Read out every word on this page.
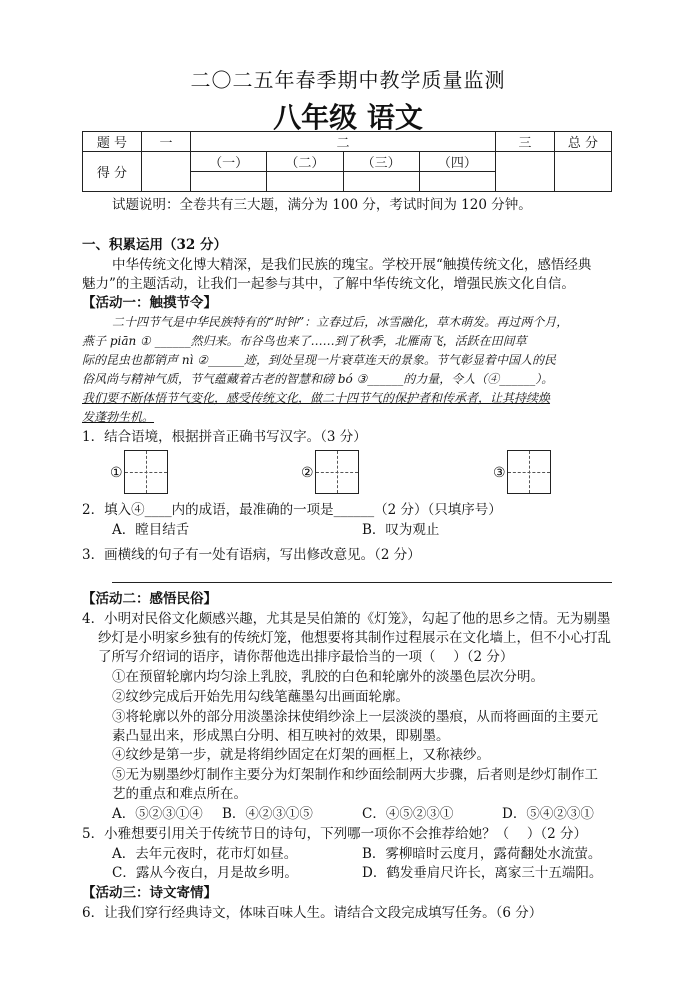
二〇二五年春季期中教学质量监测
八年级 语文
题 号	一	二				三	总 分
得 分		（一）	（二）	（三）	（四）		

试题说明：全卷共有三大题，满分为 100 分，考试时间为 120 分钟。
一、积累运用（32 分）
中华传统文化博大精深，是我们民族的瑰宝。学校开展“触摸传统文化，感悟经典
魅力”的主题活动，让我们一起参与其中，了解中华传统文化，增强民族文化自信。
【活动一：触摸节令】
二十四节气是中华民族特有的“时钟”：立春过后，冰雪融化，草木萌发。再过两个月，
燕子 piān ① ______然归来。布谷鸟也来了……到了秋季，北雁南飞，活跃在田间草
际的昆虫也都销声 nì ②______迹，到处呈现一片衰草连天的景象。节气彰显着中国人的民
俗风尚与精神气质，节气蕴藏着古老的智慧和磅 bó ③______的力量，令人（④______）。
我们要不断体悟节气变化，感受传统文化，做二十四节气的保护者和传承者，让其持续焕
发蓬勃生机。
1．结合语境，根据拼音正确书写汉字。（3 分）
①	②	③
2．填入④____内的成语，最准确的一项是______（2 分）（只填序号）
A．瞠目结舌	B．叹为观止
3．画横线的句子有一处有语病，写出修改意见。（2 分）
【活动二：感悟民俗】
4．小明对民俗文化颇感兴趣，尤其是吴伯箫的《灯笼》，勾起了他的思乡之情。无为剔墨
纱灯是小明家乡独有的传统灯笼，他想要将其制作过程展示在文化墙上，但不小心打乱
了所写介绍词的语序，请你帮他选出排序最恰当的一项（　 ）（2 分）
①在预留轮廓内均匀涂上乳胶，乳胶的白色和轮廓外的淡墨色层次分明。
②纹纱完成后开始先用勾线笔蘸墨勾出画面轮廓。
③将轮廓以外的部分用淡墨涂抹使绢纱涂上一层淡淡的墨痕，从而将画面的主要元
素凸显出来，形成黑白分明、相互映衬的效果，即剔墨。
④纹纱是第一步，就是将绢纱固定在灯架的画框上，又称裱纱。
⑤无为剔墨纱灯制作主要分为灯架制作和纱面绘制两大步骤，后者则是纱灯制作工
艺的重点和难点所在。
A．⑤②③①④ B．④②③①⑤	C．④⑤②③①	D．⑤④②③①
5．小雅想要引用关于传统节日的诗句，下列哪一项你不会推荐给她？（　 ）（2 分）
A．去年元夜时，花市灯如昼。	B．雾柳暗时云度月，露荷翻处水流萤。
C．露从今夜白，月是故乡明。	D．鹤发垂肩尺许长，离家三十五端阳。
【活动三：诗文寄情】
6．让我们穿行经典诗文，体味百味人生。请结合文段完成填写任务。（6 分）
